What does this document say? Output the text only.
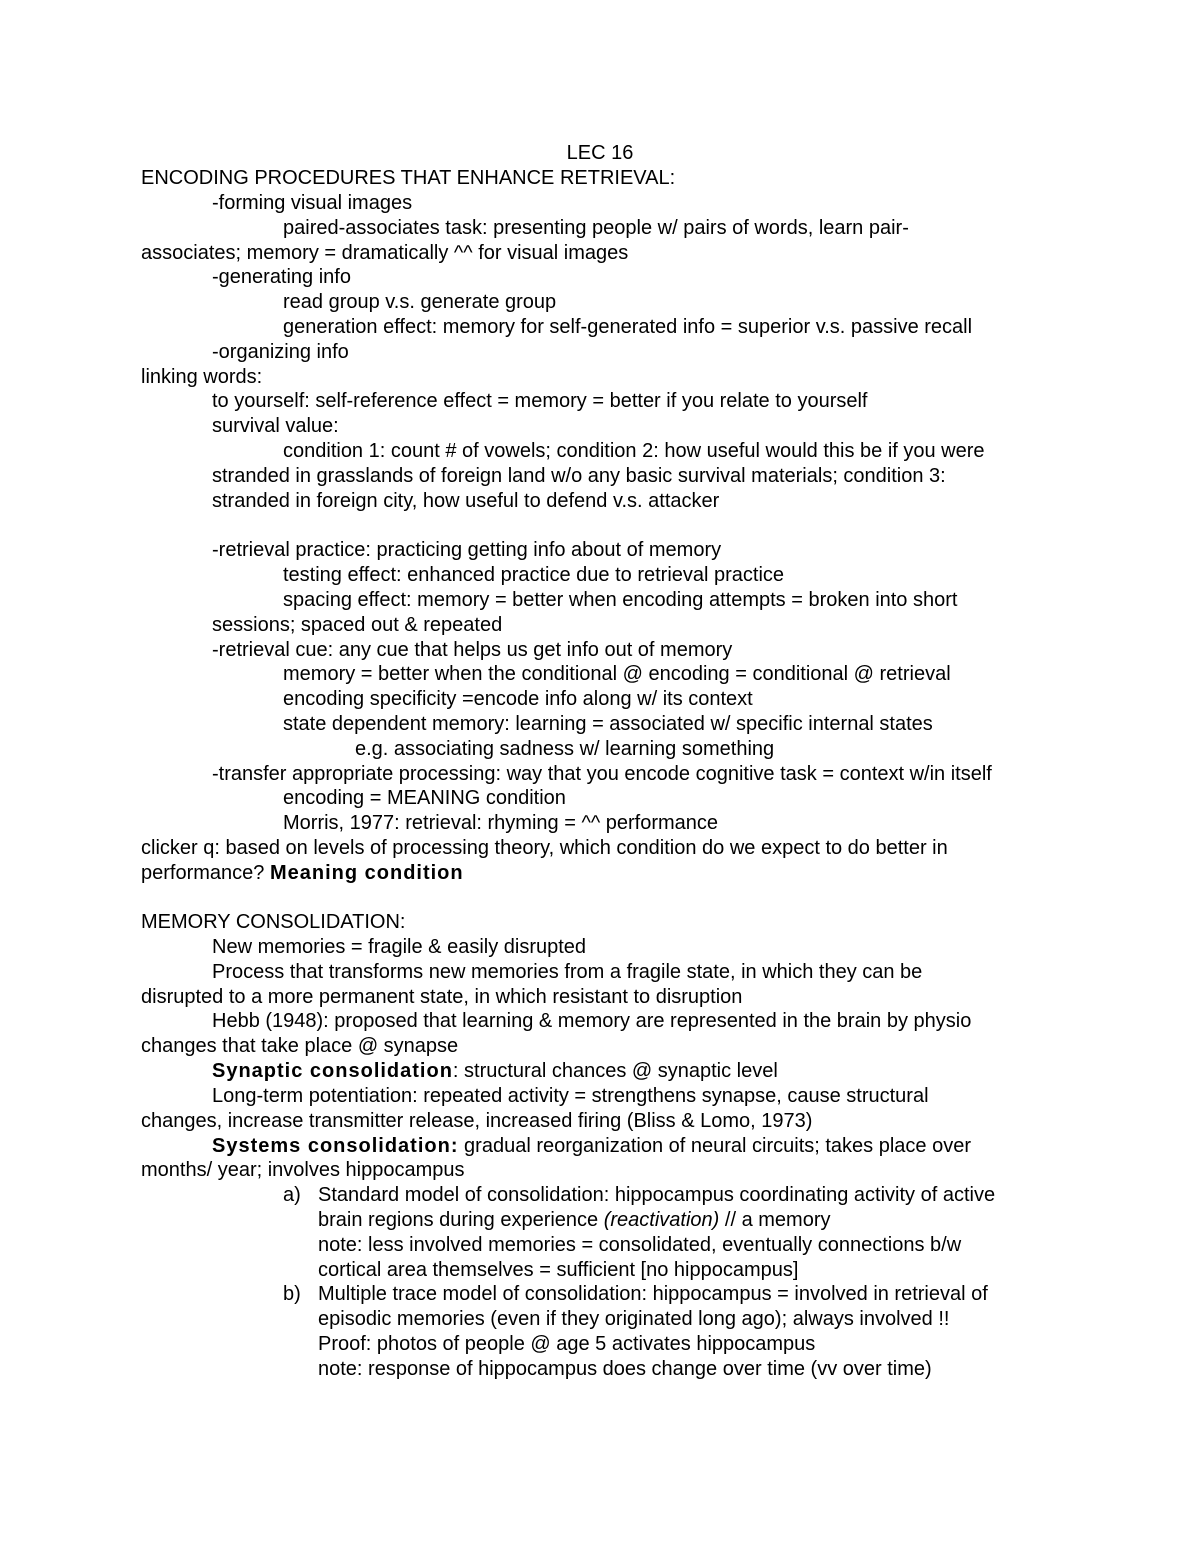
LEC 16
ENCODING PROCEDURES THAT ENHANCE RETRIEVAL:
-forming visual images
paired-associates task: presenting people w/ pairs of words, learn pair-
associates; memory = dramatically ^^ for visual images
-generating info
read group v.s. generate group
generation effect: memory for self-generated info = superior v.s. passive recall
-organizing info
linking words:
to yourself: self-reference effect = memory = better if you relate to yourself
survival value:
condition 1: count # of vowels; condition 2: how useful would this be if you were
stranded in grasslands of foreign land w/o any basic survival materials; condition 3:
stranded in foreign city, how useful to defend v.s. attacker
-retrieval practice: practicing getting info about of memory
testing effect: enhanced practice due to retrieval practice
spacing effect: memory = better when encoding attempts = broken into short
sessions; spaced out & repeated
-retrieval cue: any cue that helps us get info out of memory
memory = better when the conditional @ encoding = conditional @ retrieval
encoding specificity =encode info along w/ its context
state dependent memory: learning = associated w/ specific internal states
e.g. associating sadness w/ learning something
-transfer appropriate processing: way that you encode cognitive task = context w/in itself
encoding = MEANING condition
Morris, 1977: retrieval: rhyming = ^^ performance
clicker q: based on levels of processing theory, which condition do we expect to do better in
performance? Meaning condition
MEMORY CONSOLIDATION:
New memories = fragile & easily disrupted
Process that transforms new memories from a fragile state, in which they can be
disrupted to a more permanent state, in which resistant to disruption
Hebb (1948): proposed that learning & memory are represented in the brain by physio
changes that take place @ synapse
Synaptic consolidation: structural chances @ synaptic level
Long-term potentiation: repeated activity = strengthens synapse, cause structural
changes, increase transmitter release, increased firing (Bliss & Lomo, 1973)
Systems consolidation: gradual reorganization of neural circuits; takes place over
months/ year; involves hippocampus
a) Standard model of consolidation: hippocampus coordinating activity of active
brain regions during experience (reactivation) // a memory
note: less involved memories = consolidated, eventually connections b/w
cortical area themselves = sufficient [no hippocampus]
b) Multiple trace model of consolidation: hippocampus = involved in retrieval of
episodic memories (even if they originated long ago); always involved !!
Proof: photos of people @ age 5 activates hippocampus
note: response of hippocampus does change over time (vv over time)
